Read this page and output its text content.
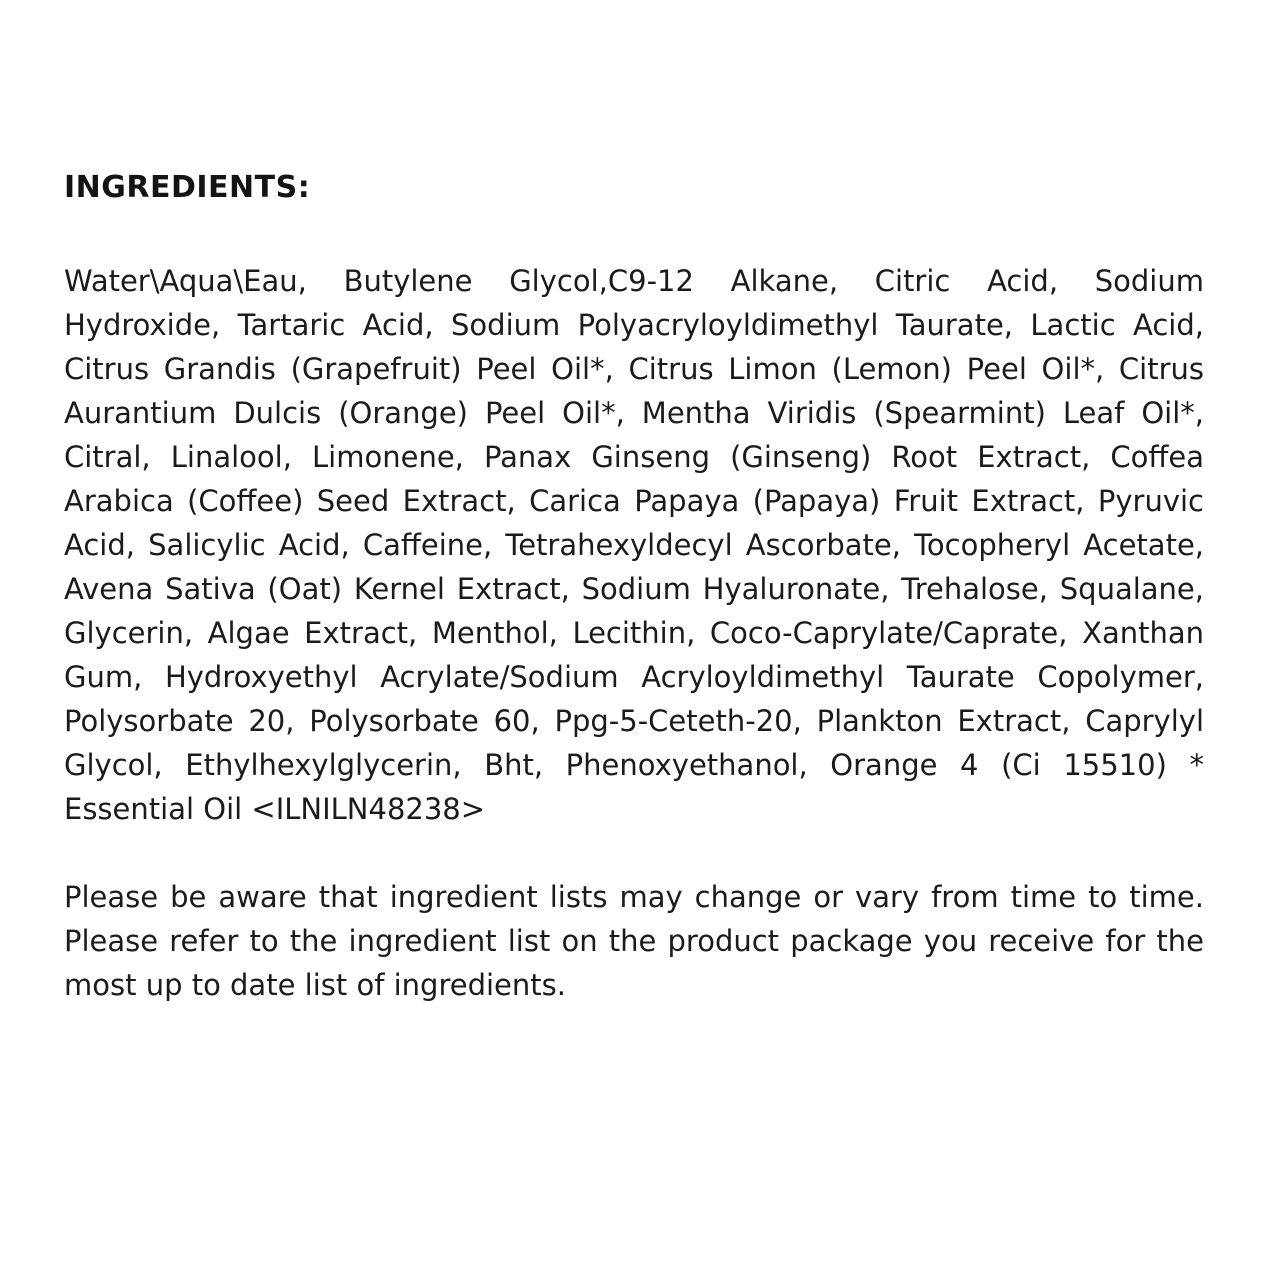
INGREDIENTS:

Water\Aqua\Eau, Butylene Glycol,C9-12 Alkane, Citric Acid, Sodium Hydroxide, Tartaric Acid, Sodium Polyacryloyldimethyl Taurate, Lactic Acid, Citrus Grandis (Grapefruit) Peel Oil*, Citrus Limon (Lemon) Peel Oil*, Citrus Aurantium Dulcis (Orange) Peel Oil*, Mentha Viridis (Spearmint) Leaf Oil*, Citral, Linalool, Limonene, Panax Ginseng (Ginseng) Root Extract, Coffea Arabica (Coffee) Seed Extract, Carica Papaya (Papaya) Fruit Extract, Pyruvic Acid, Salicylic Acid, Caffeine, Tetrahexyldecyl Ascorbate, Tocopheryl Acetate, Avena Sativa (Oat) Kernel Extract, Sodium Hyaluronate, Trehalose, Squalane, Glycerin, Algae Extract, Menthol, Lecithin, Coco-Caprylate/Caprate, Xanthan Gum, Hydroxyethyl Acrylate/Sodium Acryloyldimethyl Taurate Copolymer, Polysorbate 20, Polysorbate 60, Ppg-5-Ceteth-20, Plankton Extract, Caprylyl Glycol, Ethylhexylglycerin, Bht, Phenoxyethanol, Orange 4 (Ci 15510) * Essential Oil <ILNILN48238>

Please be aware that ingredient lists may change or vary from time to time. Please refer to the ingredient list on the product package you receive for the most up to date list of ingredients.
